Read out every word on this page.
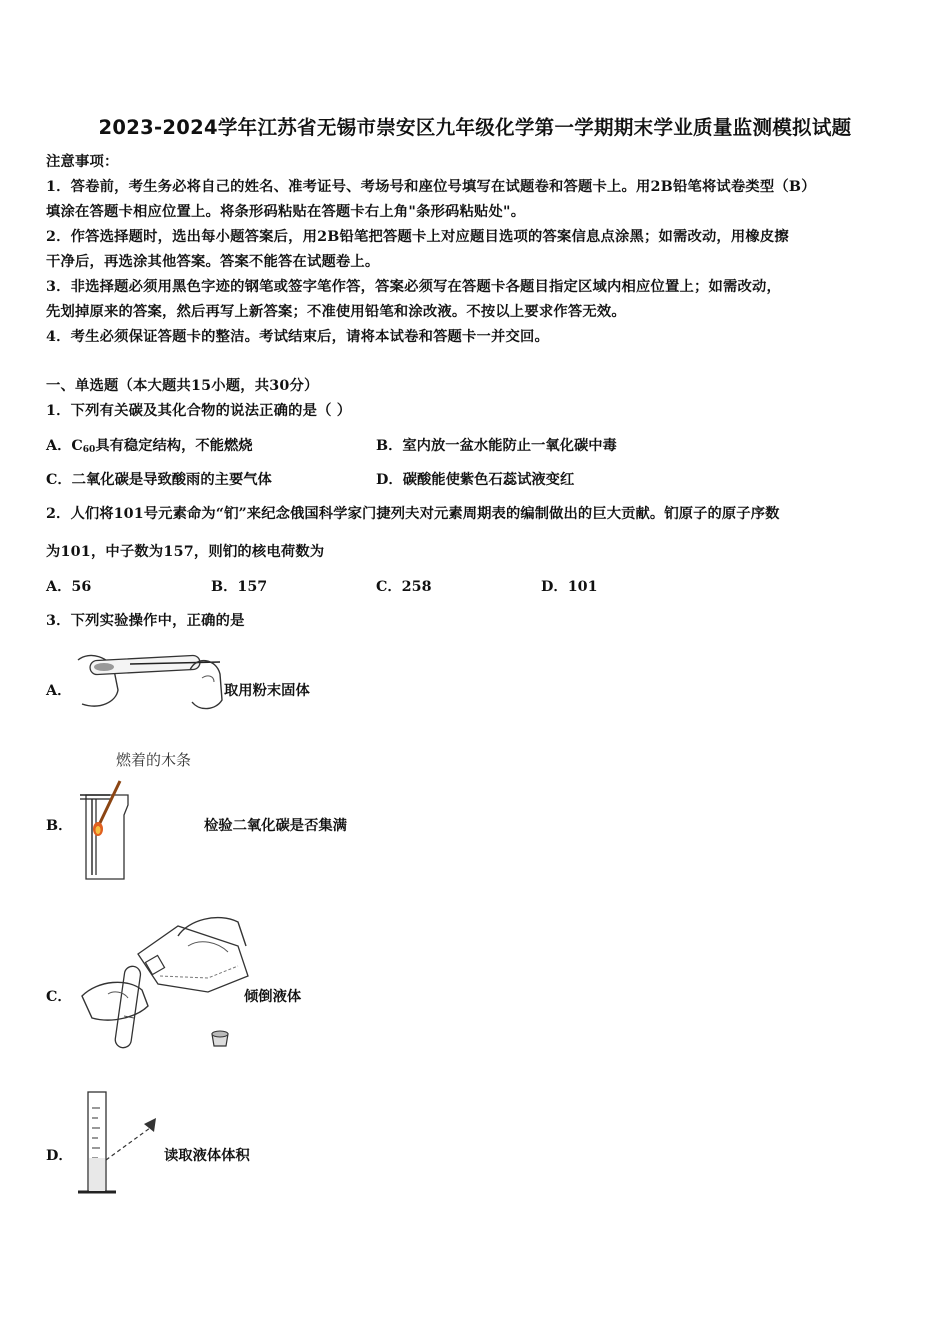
2023-2024学年江苏省无锡市崇安区九年级化学第一学期期末学业质量监测模拟试题
注意事项：
1．答卷前，考生务必将自己的姓名、准考证号、考场号和座位号填写在试题卷和答题卡上。用2B铅笔将试卷类型（B）
填涂在答题卡相应位置上。将条形码粘贴在答题卡右上角"条形码粘贴处"。
2．作答选择题时，选出每小题答案后，用2B铅笔把答题卡上对应题目选项的答案信息点涂黑；如需改动，用橡皮擦
干净后，再选涂其他答案。答案不能答在试题卷上。
3．非选择题必须用黑色字迹的钢笔或签字笔作答，答案必须写在答题卡各题目指定区域内相应位置上；如需改动，
先划掉原来的答案，然后再写上新答案；不准使用铅笔和涂改液。不按以上要求作答无效。
4．考生必须保证答题卡的整洁。考试结束后，请将本试卷和答题卡一并交回。
一、单选题（本大题共15小题，共30分）
1．下列有关碳及其化合物的说法正确的是（ ）
A．$C_{60}$具有稳定结构，不能燃烧	B．室内放一盆水能防止一氧化碳中毒
C．二氧化碳是导致酸雨的主要气体	D．碳酸能使紫色石蕊试液变红
2．人们将101号元素命为“钔”来纪念俄国科学家门捷列夫对元素周期表的编制做出的巨大贡献。钔原子的原子序数
为101，中子数为157，则钔的核电荷数为
A．56	B．157	C．258	D．101
3．下列实验操作中，正确的是
A．	取用粉末固体
燃着的木条
B．	检验二氧化碳是否集满
C．	倾倒液体
D．	读取液体体积
